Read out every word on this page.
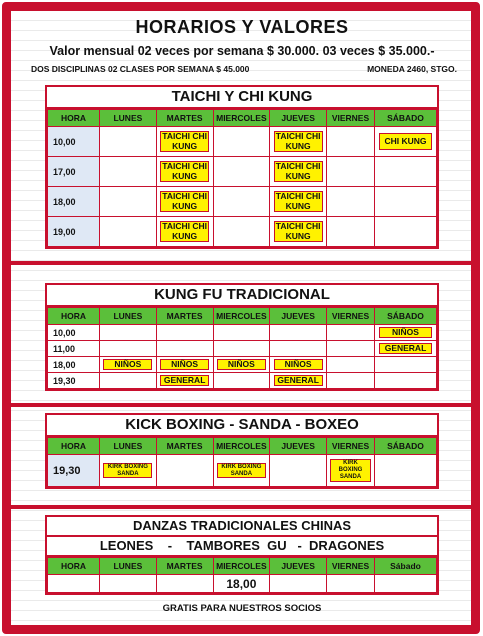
HORARIOS Y VALORES
Valor mensual 02 veces por semana $ 30.000. 03 veces $ 35.000.-
DOS DISCIPLINAS 02 CLASES POR SEMANA $ 45.000	MONEDA 2460, STGO.
TAICHI Y CHI KUNG
HORA	LUNES	MARTES	MIERCOLES	JUEVES	VIERNES	SÁBADO
10,00		TAICHI CHI KUNG		TAICHI CHI KUNG		CHI KUNG

17,00		TAICHI CHI KUNG		TAICHI CHI KUNG		

18,00		TAICHI CHI KUNG		TAICHI CHI KUNG		

19,00		TAICHI CHI KUNG		TAICHI CHI KUNG		

KUNG FU TRADICIONAL
HORA	LUNES	MARTES	MIERCOLES	JUEVES	VIERNES	SÁBADO
10,00						NIÑOS

11,00						GENERAL

18,00	NIÑOS	NIÑOS	NIÑOS	NIÑOS		

19,30		GENERAL		GENERAL		

KICK BOXING - SANDA - BOXEO
HORA	LUNES	MARTES	MIERCOLES	JUEVES	VIERNES	SÁBADO
19,30	KIRK BOXING SANDA		KIRK BOXING SANDA		KIRK BOXING SANDA	

DANZAS TRADICIONALES CHINAS
LEONES    -    TAMBORES  GU   -  DRAGONES
HORA	LUNES	MARTES	MIERCOLES	JUEVES	VIERNES	Sábado
			18,00			
GRATIS PARA NUESTROS SOCIOS
